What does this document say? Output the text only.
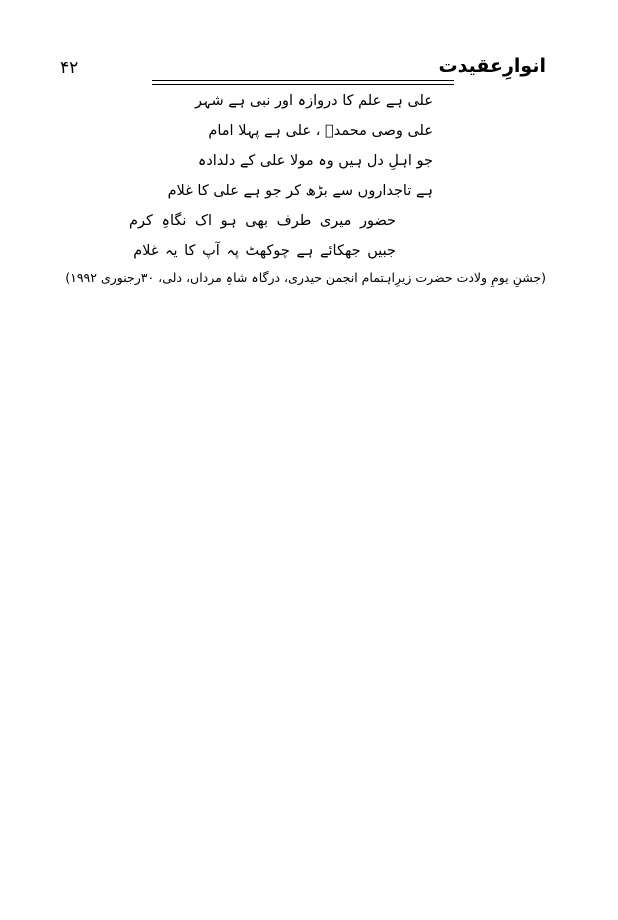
۴۲	انوارِعقیدت
علی ہے علم کا دروازہ اور نبی ہے شہر
علی وصی محمدؐ ، علی ہے پہلا امام
جو اہلِ دل ہیں وہ مولا علی کے دلدادہ
ہے تاجداروں سے بڑھ کر جو ہے علی کا غلام
حضور میری طرف بھی ہو اک نگاہِ کرم
جبیں جھکائے ہے چوکھٹ پہ آپ کا یہ غلام
(جشنِ یومِ ولادت حضرت زیرِاہتمام انجمن حیدری، درگاہ شاہِ مرداں، دلی، ۳۰رجنوری ۱۹۹۲)
